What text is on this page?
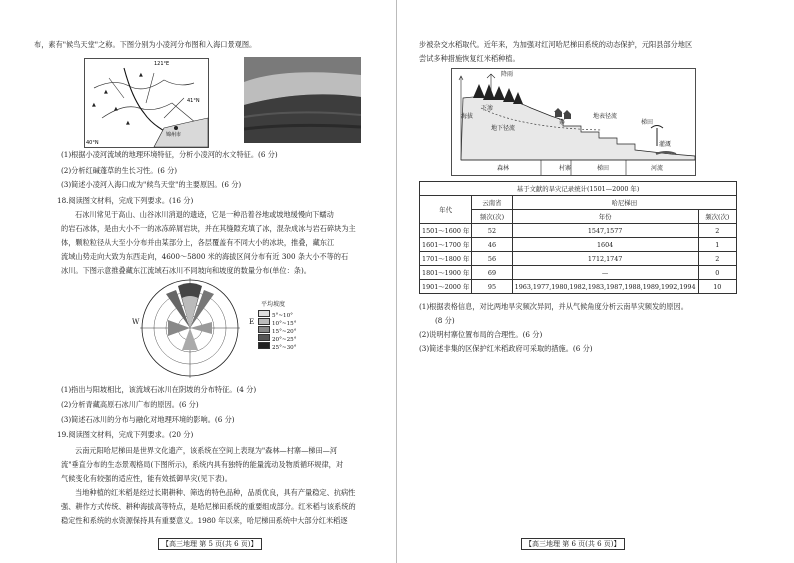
布，素有"候鸟天堂"之称。下图分别为小凌河分布图和入海口景观图。
▲
▲
▲
▲
▲
锦州市
121°E
41°N
40°N
(1)根据小凌河流域的地理环境特征，分析小凌河的水文特征。(6 分)
(2)分析红碱蓬草的生长习性。(6 分)
(3)简述小凌河入海口成为"候鸟天堂"的主要原因。(6 分)
18.阅读图文材料，完成下列要求。(16 分)
石冰川常见于高山、山谷冰川消退的遗迹，它是一种沿着谷地或坡地缓慢向下蠕动
的岩石冰体，是由大小不一的冰冻碎屑岩块，并在其缝隙充填了冰，混杂成冰与岩石碎块为主
体，颗粒粒径从大至小分布并由某部分上，各层覆盖有不同大小的冰块，推叠，藏东江
流域山势走向大致为东西走向，4600～5800 米的海拔区间分布有近 300 条大小不等的石
冰川。下图示意推叠藏东江流域石冰川不同坡向和坡度的数量分布(单位：条)。
W	E
平均坡度
5°~10°
10°~15°
15°~20°
20°~25°
25°~30°
(1)指出与阳坡相比，该流域石冰川在阴坡的分布特征。(4 分)
(2)分析青藏高原石冰川广布的原因。(6 分)
(3)简述石冰川的分布与融化对地理环境的影响。(6 分)
19.阅读图文材料，完成下列要求。(20 分)
云南元阳哈尼梯田是世界文化遗产，该系统在空间上表现为"森林—村寨—梯田—河
流"垂直分布的生态景观格局(下图所示)，系统内具有独特的能量流动及物质循环规律，对
气候变化有较强的适应性，能有效抵御旱灾(见下表)。
当地种植的红米稻是经过长期耕种、筛选的特色品种，品质优良，具有产量稳定、抗病性
强、耕作方式传统、耕种海拔高等特点，是哈尼梯田系统的重要组成部分。红米稻与该系统的
稳定性和系统的水资源保持具有重要意义。1980 年以来，哈尼梯田系统中大部分红米稻逐
【高三地理 第 5 页(共 6 页)】
步被杂交水稻取代。近年来，为加强对红河哈尼梯田系统的动态保护，元阳县部分地区
尝试多种措施恢复红米稻种植。
降雨
海拔
下渗
地下径流
地表径流
寨	梯田
灌溉
森林	村寨	梯田	河流
基于文献的旱灾记录统计(1501—2000 年)			
年代	云南省	哈尼梯田	
	频次(次)	年份	频次(次)
1501～1600 年	52	1547,1577	2
1601～1700 年	46	1604	1
1701～1800 年	56	1712,1747	2
1801～1900 年	69	—	0
1901～2000 年	95	1963,1977,1980,1982,1983,1987,1988,1989,1992,1994	10
(1)根据表格信息，对比两地旱灾频次异同，并从气候角度分析云南旱灾频发的原因。
(8 分)
(2)说明村寨位置布局的合理性。(6 分)
(3)简述非集的区保护红米稻政府可采取的措施。(6 分)
【高三地理 第 6 页(共 6 页)】
